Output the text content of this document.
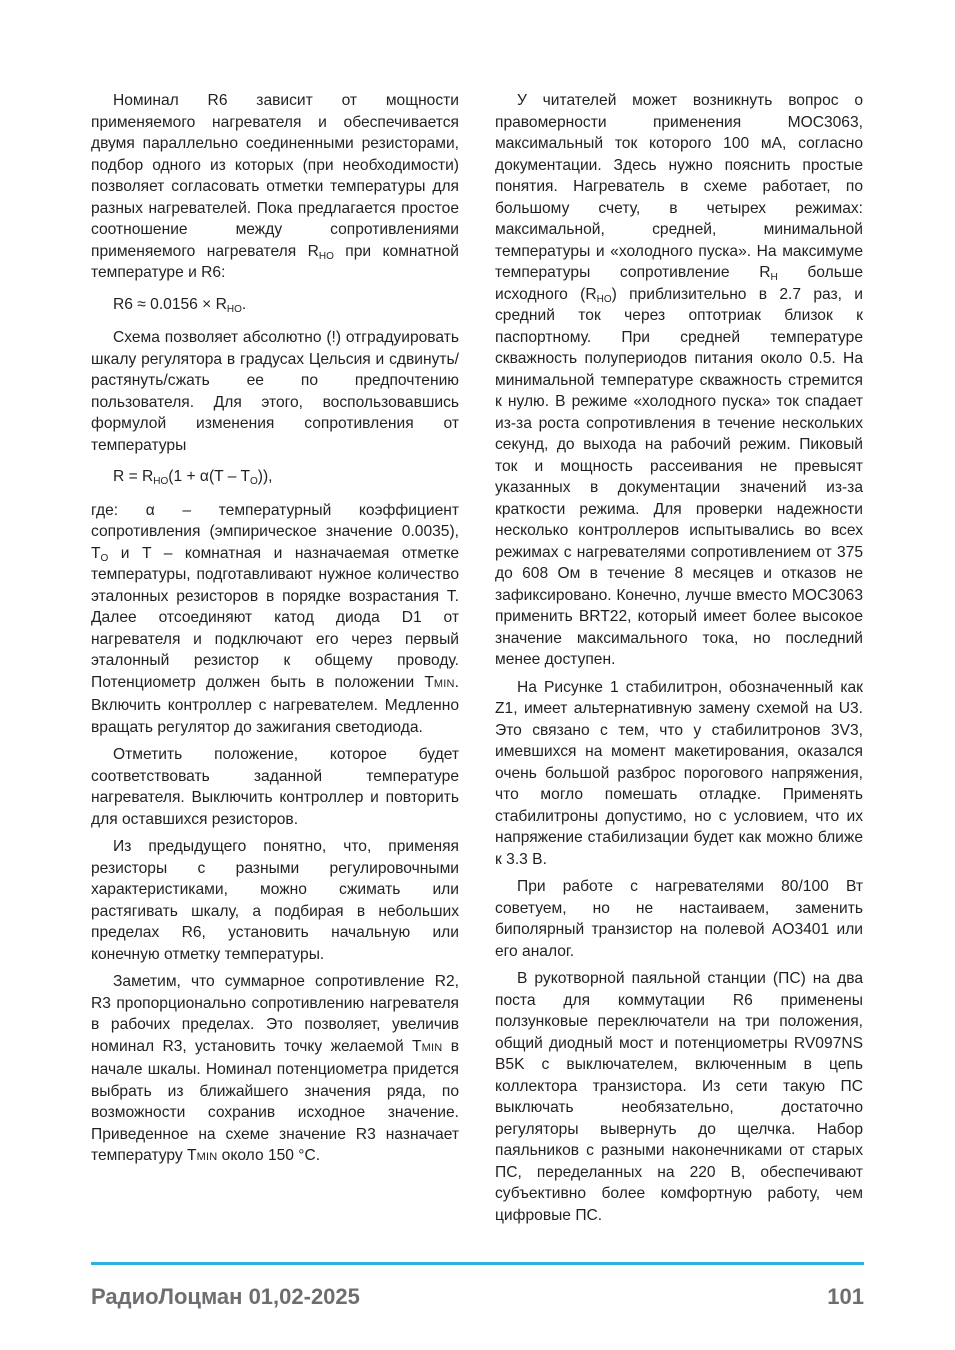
Номинал R6 зависит от мощности применяемого нагревателя и обеспечивается двумя параллельно соединенными резисторами, подбор одного из которых (при необходимости) позволяет согласовать отметки температуры для разных нагревателей. Пока предлагается простое соотношение между сопротивлениями применяемого нагревателя $R_{НО}$ при комнатной температуре и R6:

$R6 \approx 0.0156 \times R_{НО}$.

Схема позволяет абсолютно (!) отградуировать шкалу регулятора в градусах Цельсия и сдвинуть/растянуть/сжать ее по предпочтению пользователя. Для этого, воспользовавшись формулой изменения сопротивления от температуры

$R = R_{НО}(1 + \alpha(T - T_O))$,

где: α – температурный коэффициент сопротивления (эмпирическое значение 0.0035), $T_O$ и T – комнатная и назначаемая отметке температуры, подготавливают нужное количество эталонных резисторов в порядке возрастания T. Далее отсоединяют катод диода D1 от нагревателя и подключают его через первый эталонный резистор к общему проводу. Потенциометр должен быть в положении TMIN. Включить контроллер с нагревателем. Медленно вращать регулятор до зажигания светодиода.

Отметить положение, которое будет соответствовать заданной температуре нагревателя. Выключить контроллер и повторить для оставшихся резисторов.

Из предыдущего понятно, что, применяя резисторы с разными регулировочными характеристиками, можно сжимать или растягивать шкалу, а подбирая в небольших пределах R6, установить начальную или конечную отметку температуры.

Заметим, что суммарное сопротивление R2, R3 пропорционально сопротивлению нагревателя в рабочих пределах. Это позволяет, увеличив номинал R3, установить точку желаемой TMIN в начале шкалы. Номинал потенциометра придется выбрать из ближайшего значения ряда, по возможности сохранив исходное значение. Приведенное на схеме значение R3 назначает температуру TMIN около 150 °C.

У читателей может возникнуть вопрос о правомерности применения MOC3063, максимальный ток которого 100 мА, согласно документации. Здесь нужно пояснить простые понятия. Нагреватель в схеме работает, по большому счету, в четырех режимах: максимальной, средней, минимальной температуры и «холодного пуска». На максимуме температуры сопротивление $R_Н$ больше исходного $(R_{НО})$ приблизительно в 2.7 раз, и средний ток через оптотриак близок к паспортному. При средней температуре скважность полупериодов питания около 0.5. На минимальной температуре скважность стремится к нулю. В режиме «холодного пуска» ток спадает из-за роста сопротивления в течение нескольких секунд, до выхода на рабочий режим. Пиковый ток и мощность рассеивания не превысят указанных в документации значений из-за краткости режима. Для проверки надежности несколько контроллеров испытывались во всех режимах с нагревателями сопротивлением от 375 до 608 Ом в течение 8 месяцев и отказов не зафиксировано. Конечно, лучше вместо MOC3063 применить BRT22, который имеет более высокое значение максимального тока, но последний менее доступен.

На Рисунке 1 стабилитрон, обозначенный как Z1, имеет альтернативную замену схемой на U3. Это связано с тем, что у стабилитронов 3V3, имевшихся на момент макетирования, оказался очень большой разброс порогового напряжения, что могло помешать отладке. Применять стабилитроны допустимо, но с условием, что их напряжение стабилизации будет как можно ближе к 3.3 В.

При работе с нагревателями 80/100 Вт советуем, но не настаиваем, заменить биполярный транзистор на полевой AO3401 или его аналог.

В рукотворной паяльной станции (ПС) на два поста для коммутации R6 применены ползунковые переключатели на три положения, общий диодный мост и потенциометры RV097NS B5K с выключателем, включенным в цепь коллектора транзистора. Из сети такую ПС выключать необязательно, достаточно регуляторы вывернуть до щелчка. Набор паяльников с разными наконечниками от старых ПС, переделанных на 220 В, обеспечивают субъективно более комфортную работу, чем цифровые ПС.

РадиоЛоцман 01,02-2025	101
